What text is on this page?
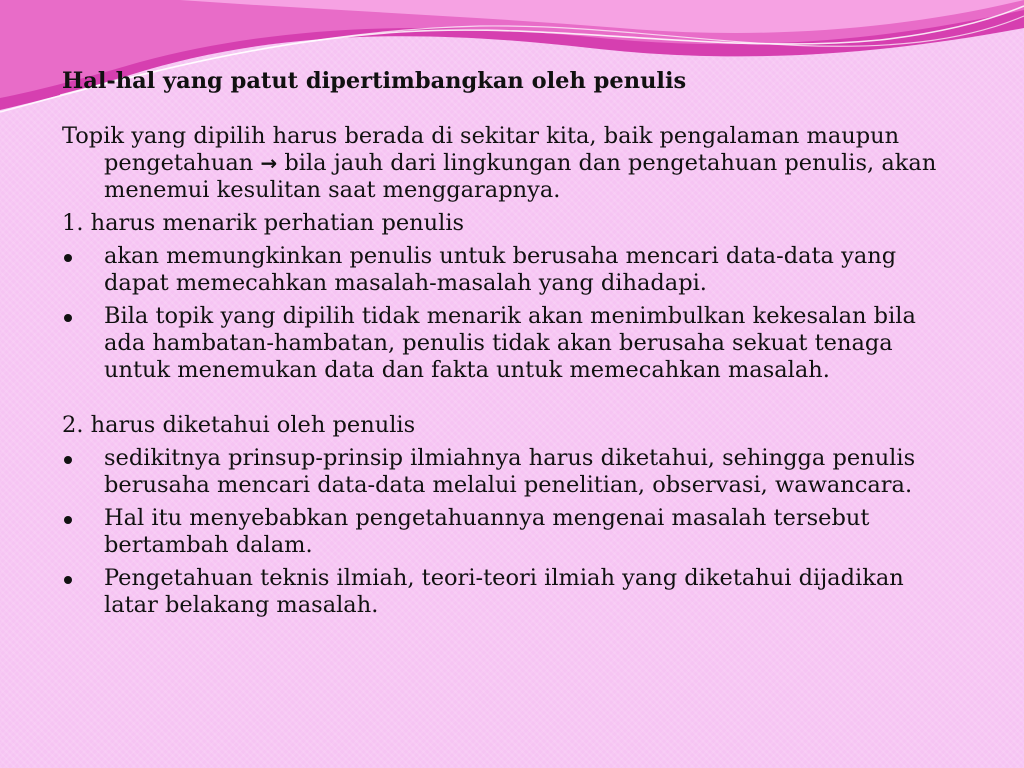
Hal-hal yang patut dipertimbangkan oleh penulis

Topik yang dipilih harus berada di sekitar kita, baik pengalaman maupun pengetahuan → bila jauh dari lingkungan dan pengetahuan penulis, akan menemui kesulitan saat menggarapnya.

1. harus menarik perhatian penulis

akan memungkinkan penulis untuk berusaha mencari data-data yang dapat memecahkan masalah-masalah yang dihadapi.
Bila topik yang dipilih tidak menarik akan menimbulkan kekesalan bila ada hambatan-hambatan, penulis tidak akan berusaha sekuat tenaga untuk menemukan data dan fakta untuk memecahkan masalah.

2. harus diketahui oleh penulis

sedikitnya prinsup-prinsip ilmiahnya harus diketahui, sehingga penulis berusaha mencari data-data melalui penelitian, observasi, wawancara.
Hal itu menyebabkan pengetahuannya mengenai masalah tersebut bertambah dalam.
Pengetahuan teknis ilmiah, teori-teori ilmiah yang diketahui dijadikan latar belakang masalah.
